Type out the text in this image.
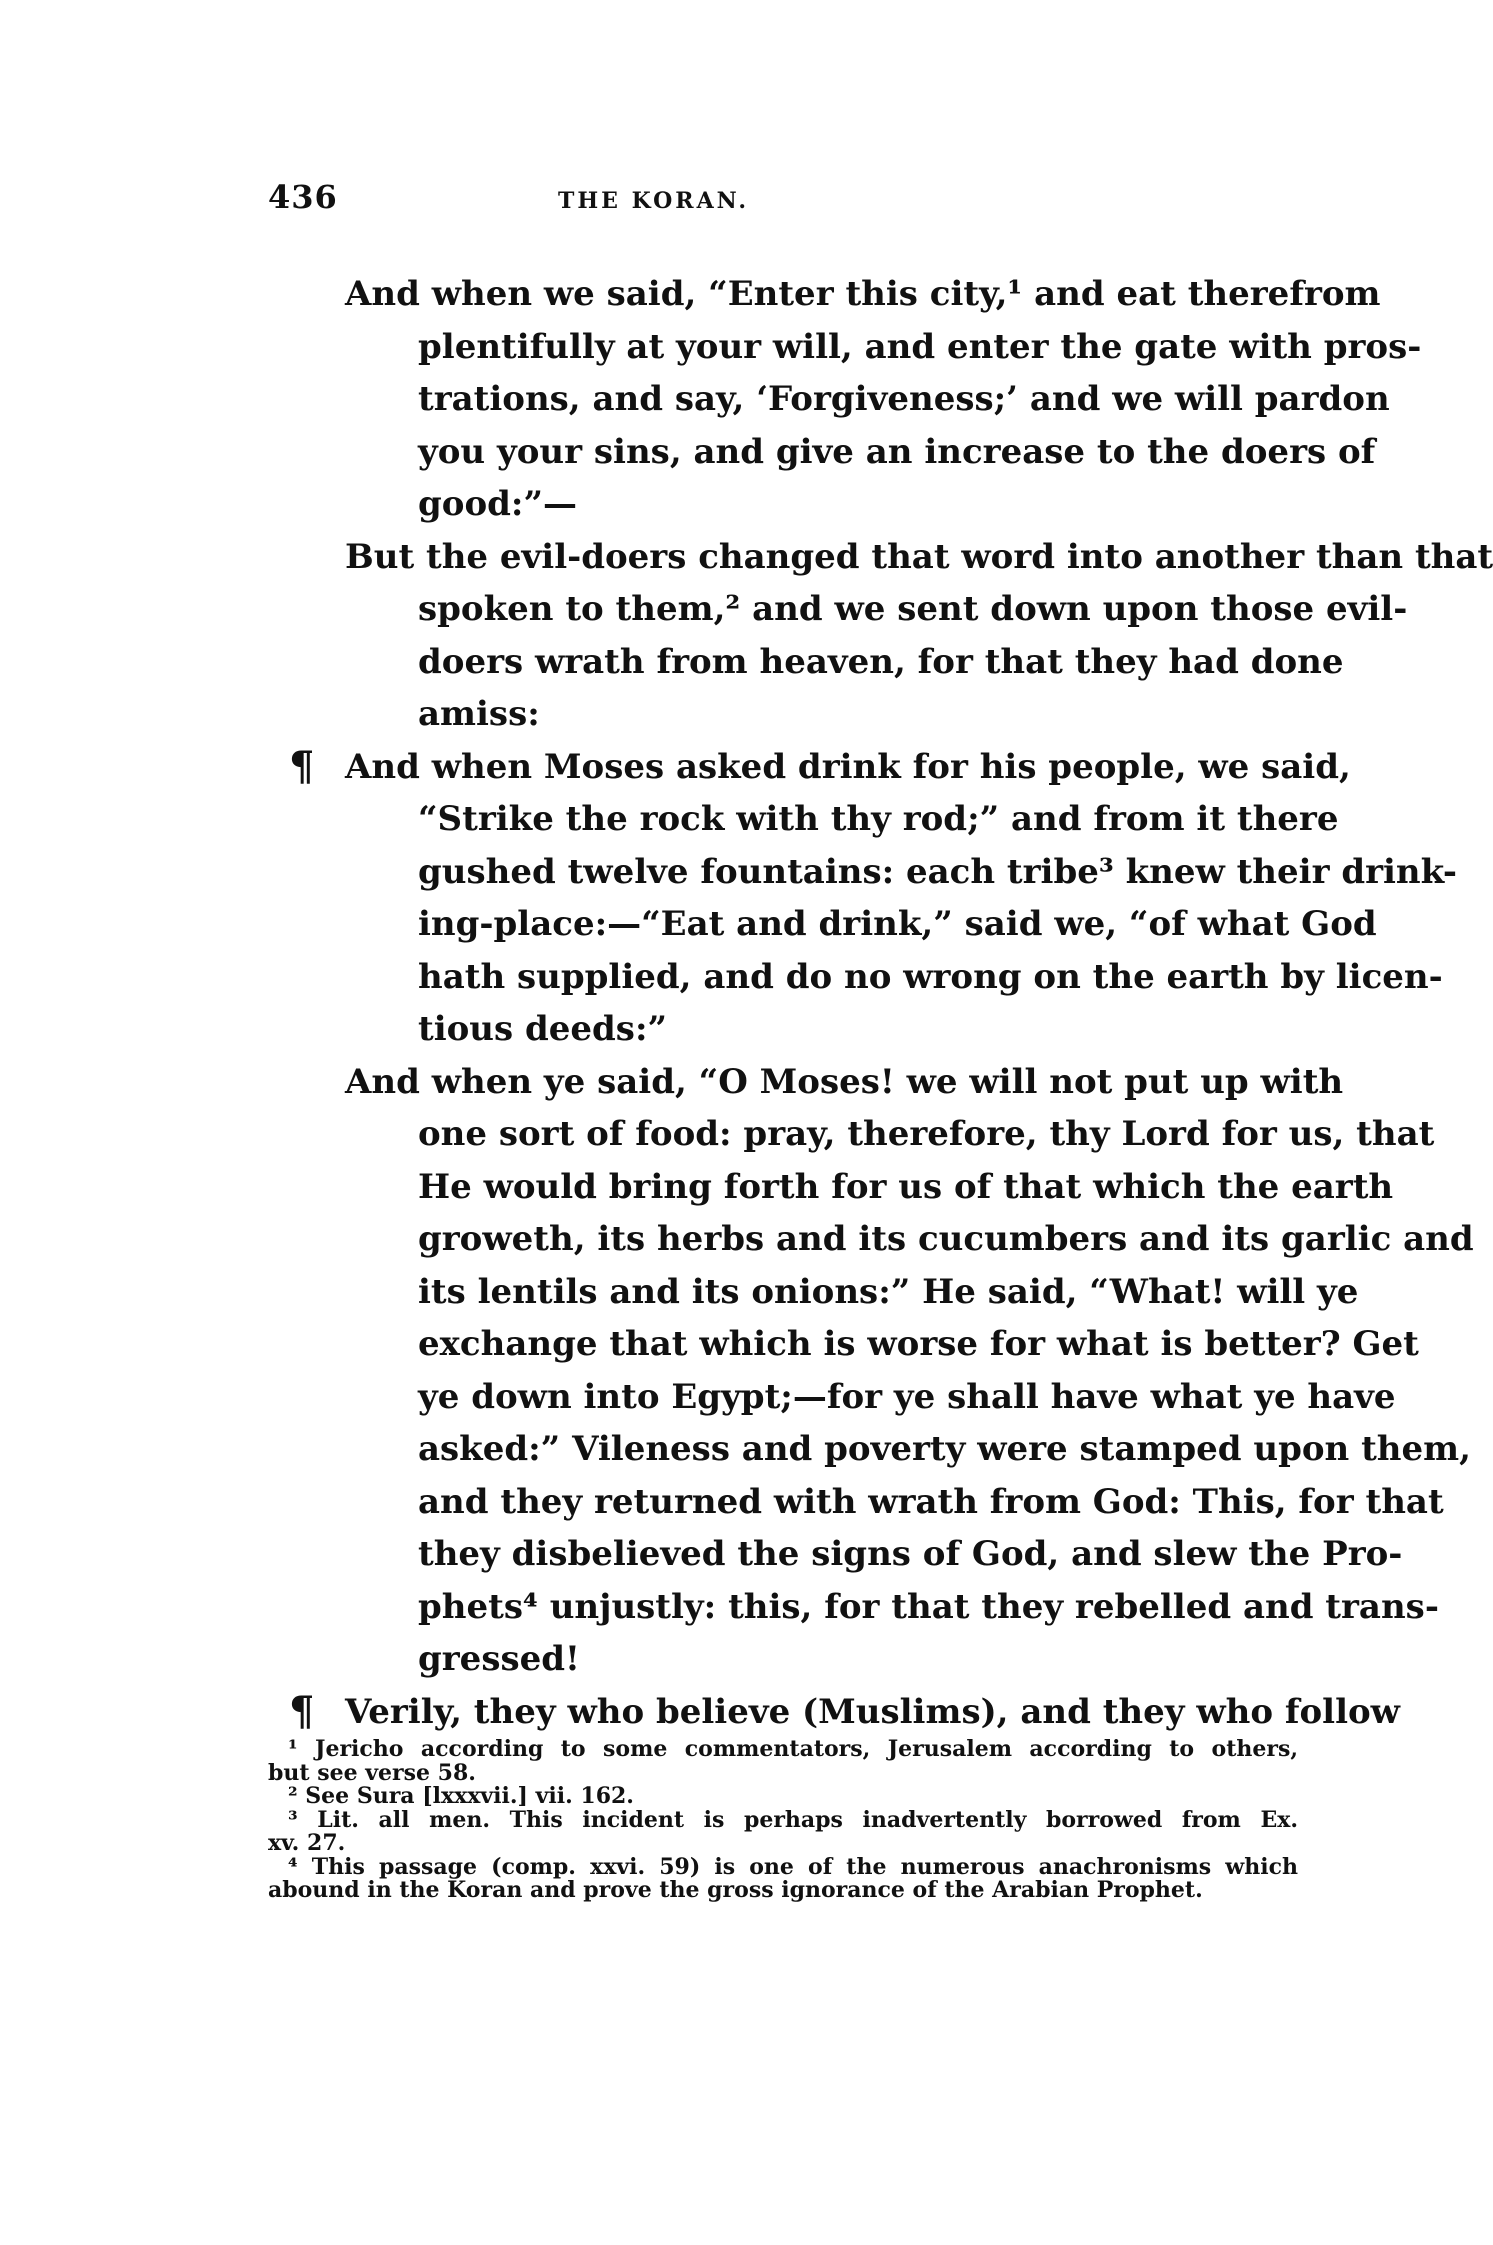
436	THE KORAN.
And when we said, “Enter this city,¹ and eat therefrom
plentifully at your will, and enter the gate with pros-
trations, and say, ‘Forgiveness;’ and we will pardon
you your sins, and give an increase to the doers of
good:”—
But the evil-doers changed that word into another than that
spoken to them,² and we sent down upon those evil-
doers wrath from heaven, for that they had done
amiss:
¶ And when Moses asked drink for his people, we said,
“Strike the rock with thy rod;” and from it there
gushed twelve fountains: each tribe³ knew their drink-
ing-place:—“Eat and drink,” said we, “of what God
hath supplied, and do no wrong on the earth by licen-
tious deeds:”
And when ye said, “O Moses! we will not put up with
one sort of food: pray, therefore, thy Lord for us, that
He would bring forth for us of that which the earth
groweth, its herbs and its cucumbers and its garlic and
its lentils and its onions:” He said, “What! will ye
exchange that which is worse for what is better? Get
ye down into Egypt;—for ye shall have what ye have
asked:” Vileness and poverty were stamped upon them,
and they returned with wrath from God: This, for that
they disbelieved the signs of God, and slew the Pro-
phets⁴ unjustly: this, for that they rebelled and trans-
gressed!
¶ Verily, they who believe (Muslims), and they who follow
¹ Jericho according to some commentators, Jerusalem according to others,
but see verse 58.
² See Sura [lxxxvii.] vii. 162.
³ Lit. all men. This incident is perhaps inadvertently borrowed from Ex.
xv. 27.
⁴ This passage (comp. xxvi. 59) is one of the numerous anachronisms which
abound in the Koran and prove the gross ignorance of the Arabian Prophet.
